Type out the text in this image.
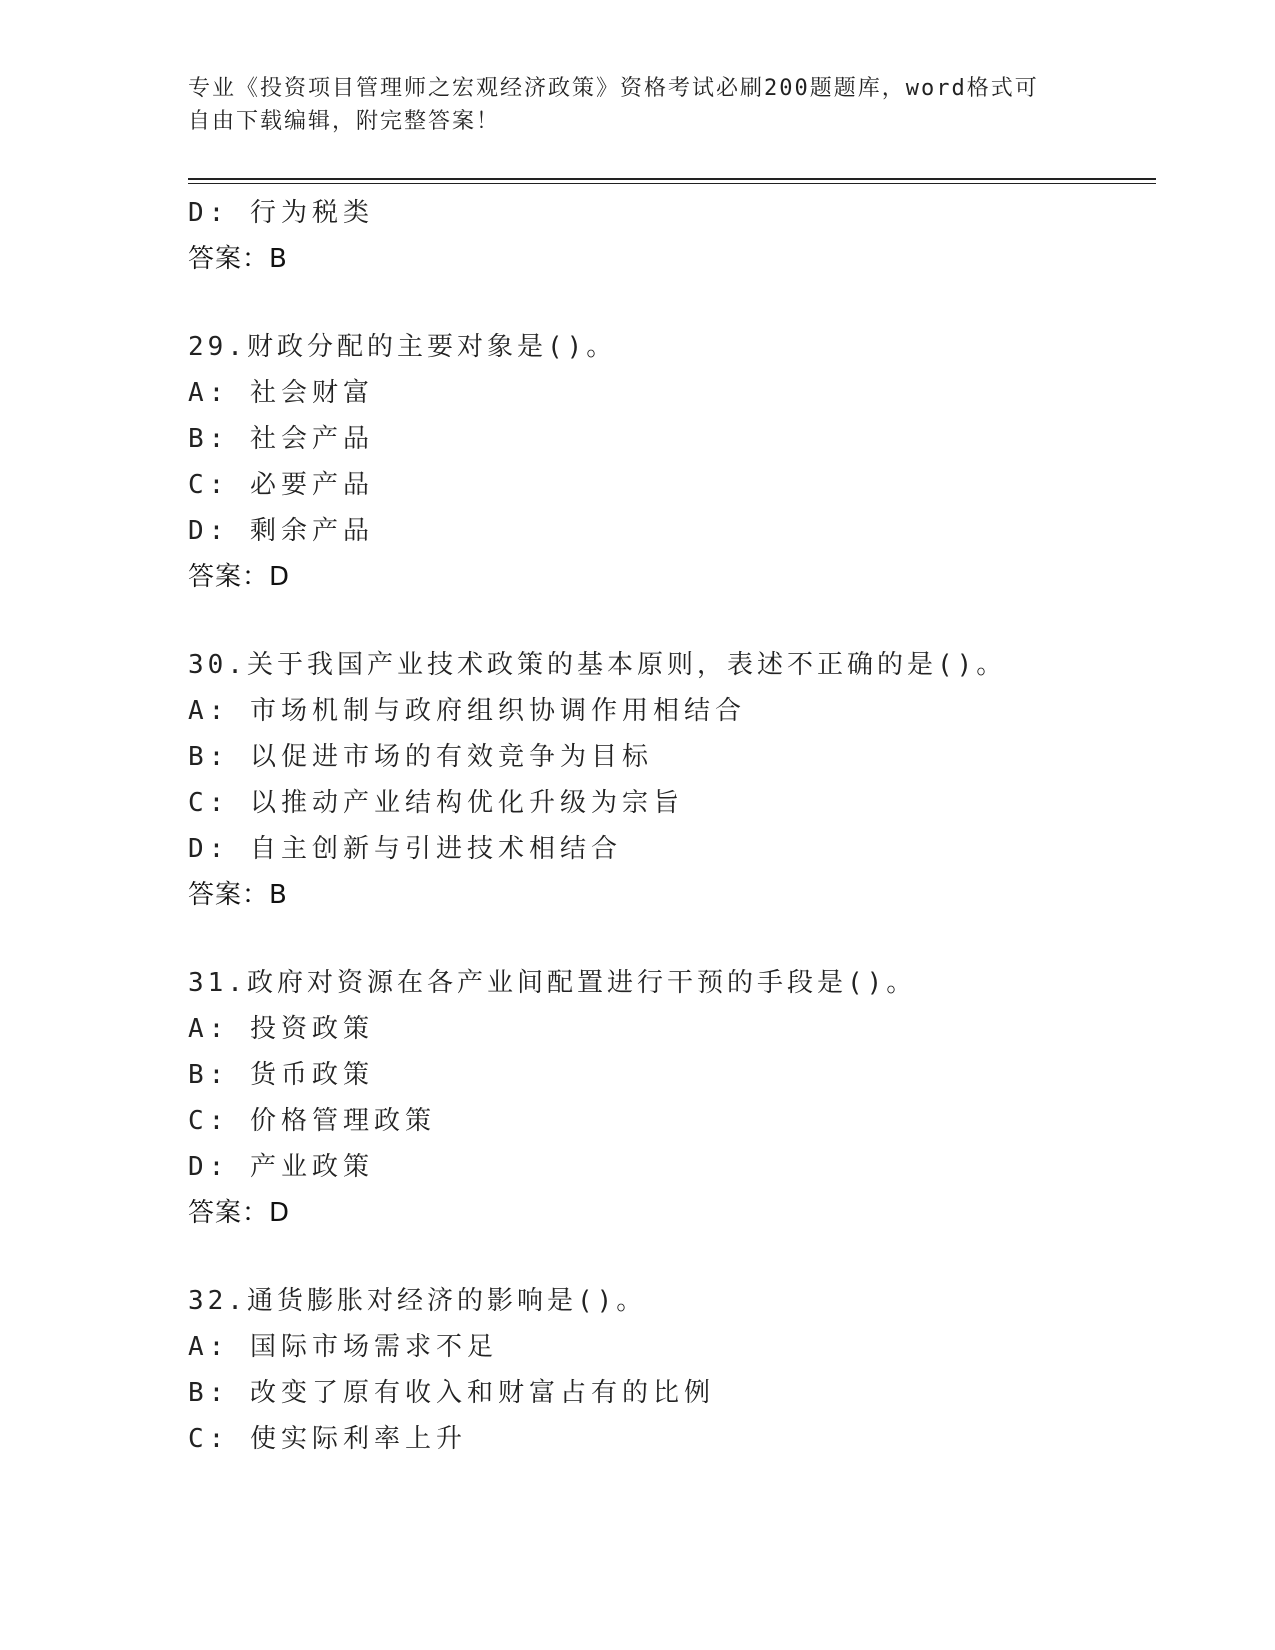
专业《投资项目管理师之宏观经济政策》资格考试必刷200题题库，word格式可
自由下载编辑，附完整答案！
D: 行为税类
答案：B
29.财政分配的主要对象是()。
A: 社会财富
B: 社会产品
C: 必要产品
D: 剩余产品
答案：D
30.关于我国产业技术政策的基本原则，表述不正确的是()。
A: 市场机制与政府组织协调作用相结合
B: 以促进市场的有效竞争为目标
C: 以推动产业结构优化升级为宗旨
D: 自主创新与引进技术相结合
答案：B
31.政府对资源在各产业间配置进行干预的手段是()。
A: 投资政策
B: 货币政策
C: 价格管理政策
D: 产业政策
答案：D
32.通货膨胀对经济的影响是()。
A: 国际市场需求不足
B: 改变了原有收入和财富占有的比例
C: 使实际利率上升
